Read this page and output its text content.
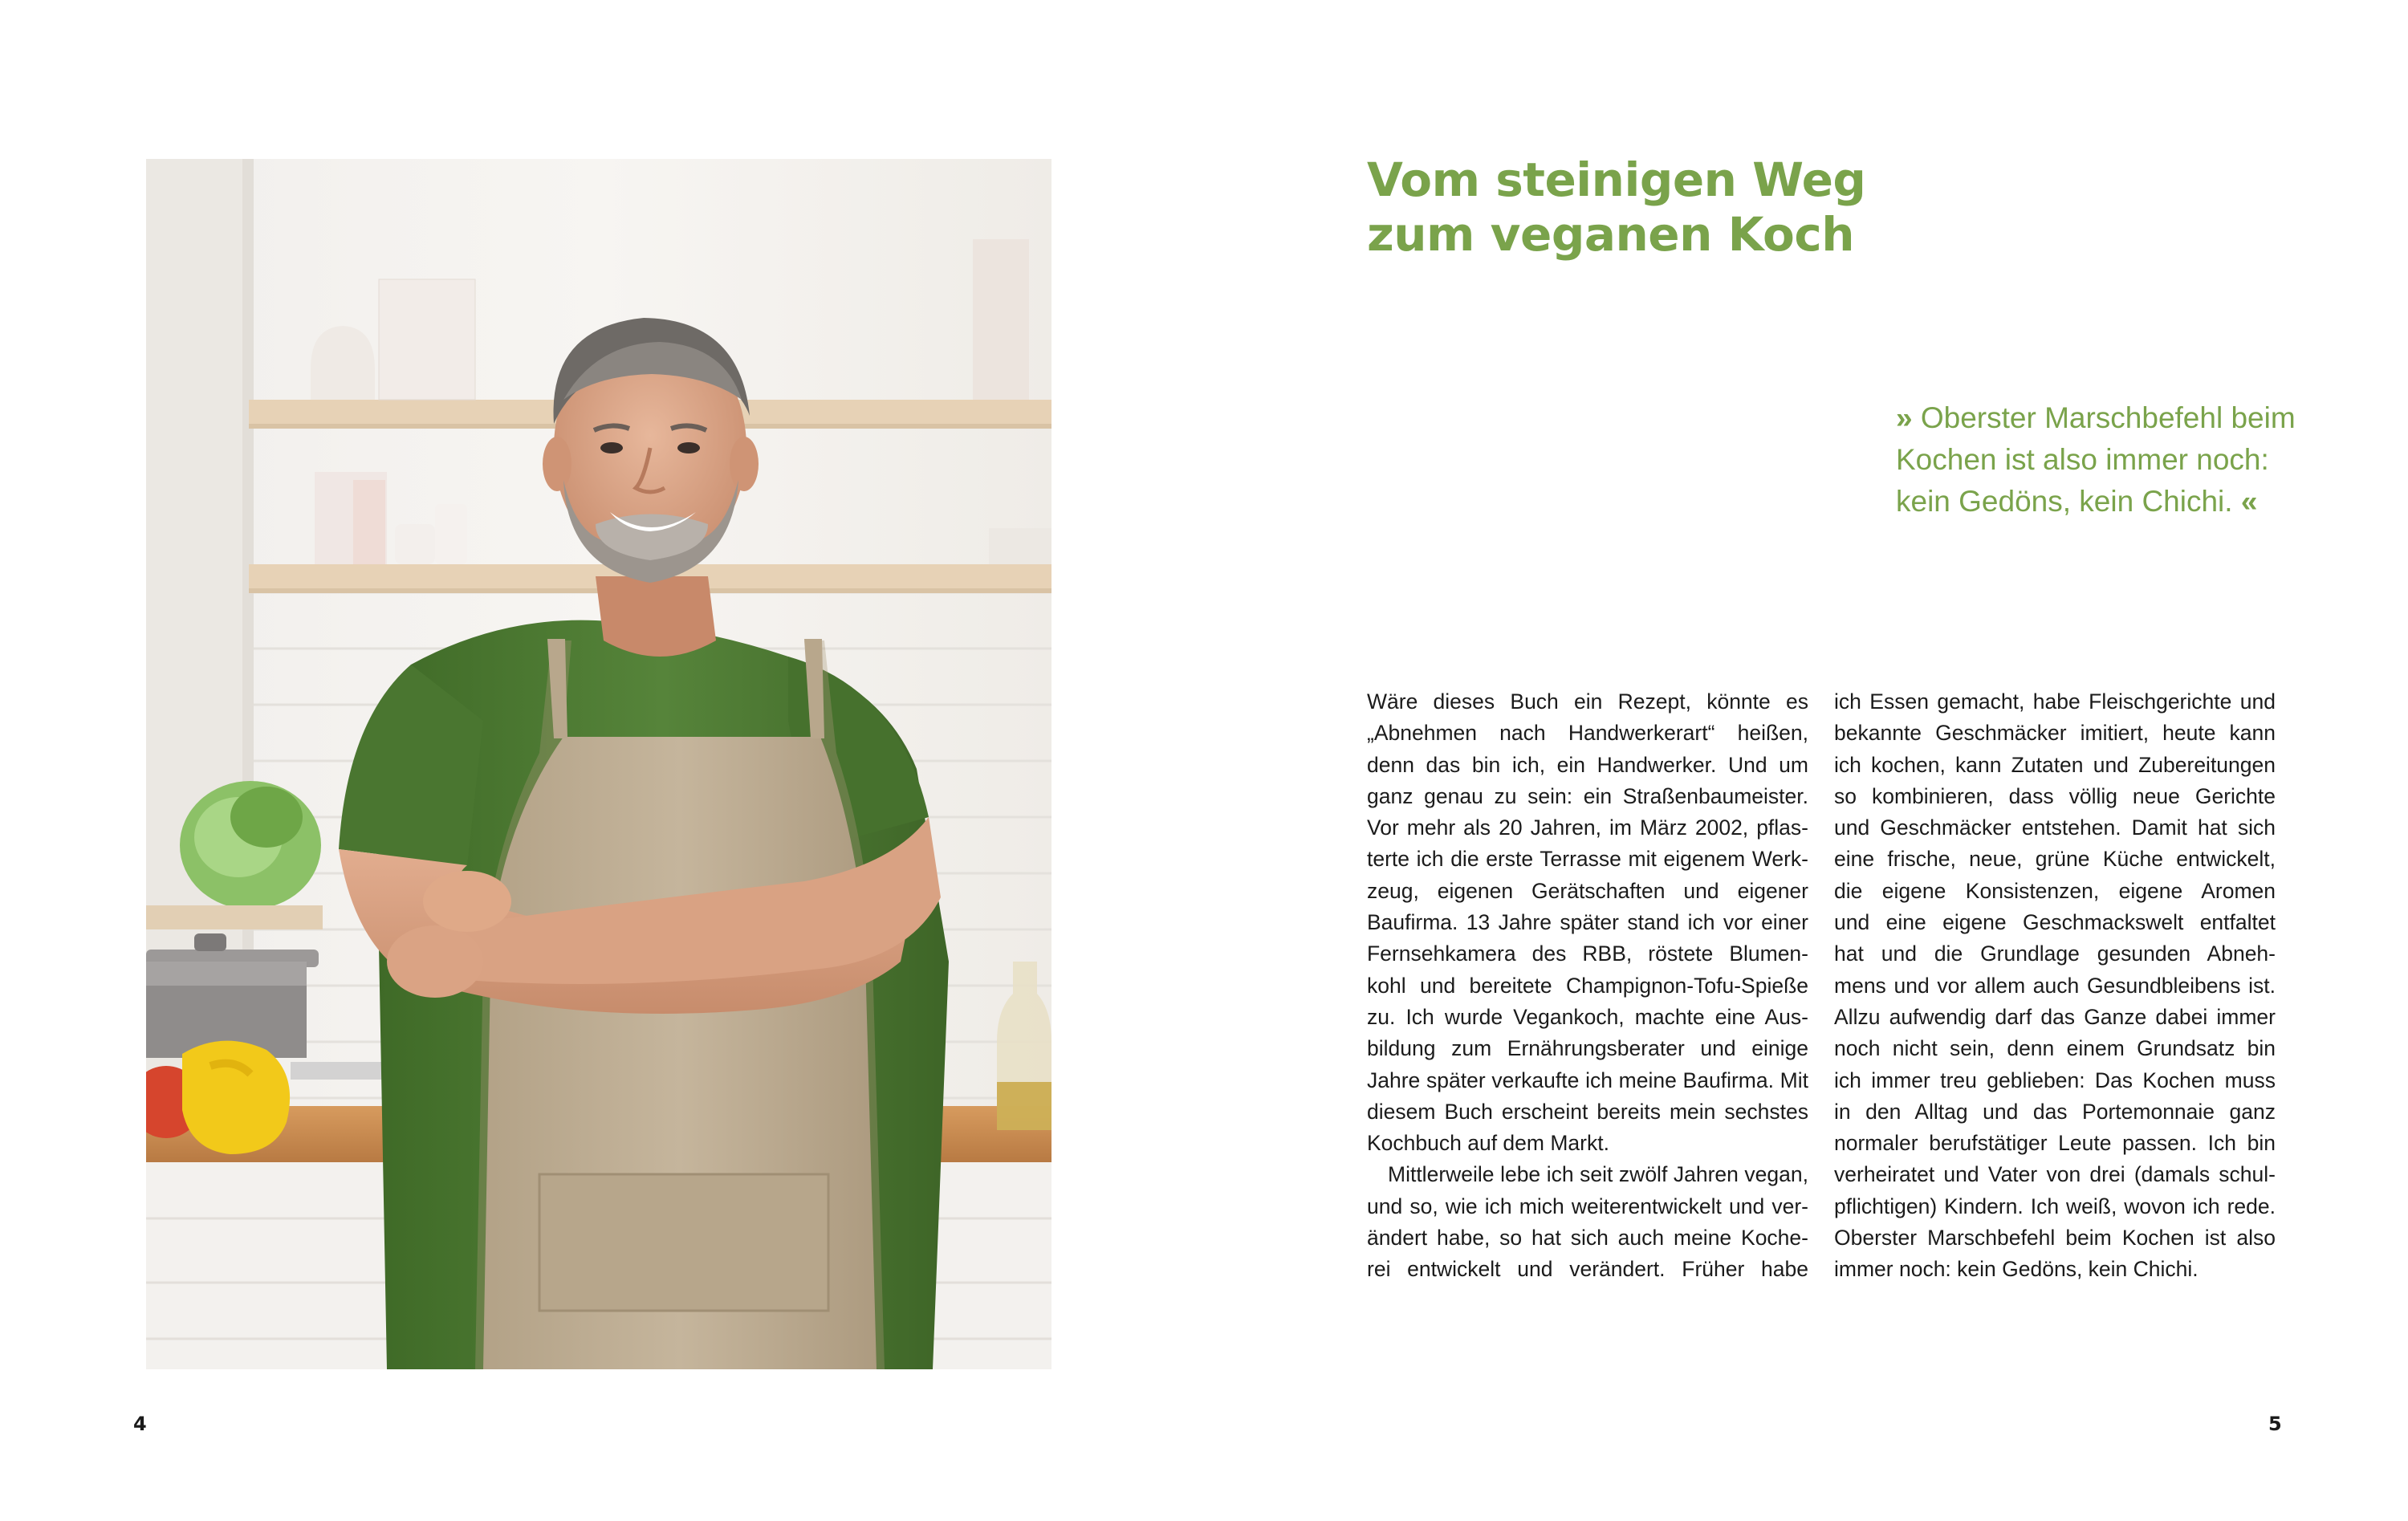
Vom steinigen Weg
zum veganen Koch
» Oberster Marschbefehl beim
Kochen ist also immer noch:
kein Gedöns, kein Chichi. «
Wäre dieses Buch ein Rezept, könnte es
„Abnehmen nach Handwerkerart“ heißen,
denn das bin ich, ein Handwerker. Und um
ganz genau zu sein: ein Straßenbaumeister.
Vor mehr als 20 Jahren, im März 2002, pflas-
terte ich die erste Terrasse mit eigenem Werk-
zeug, eigenen Gerätschaften und eigener
Baufirma. 13 Jahre später stand ich vor einer
Fernsehkamera des RBB, röstete Blumen-
kohl und bereitete Champignon-Tofu-Spieße
zu. Ich wurde Vegankoch, machte eine Aus-
bildung zum Ernährungsberater und einige
Jahre später verkaufte ich meine Baufirma. Mit
diesem Buch erscheint bereits mein sechstes
Kochbuch auf dem Markt.
Mittlerweile lebe ich seit zwölf Jahren vegan,
und so, wie ich mich weiterentwickelt und ver-
ändert habe, so hat sich auch meine Koche-
rei entwickelt und verändert. Früher habe
ich Essen gemacht, habe Fleischgerichte und
bekannte Geschmäcker imitiert, heute kann
ich kochen, kann Zutaten und Zubereitungen
so kombinieren, dass völlig neue Gerichte
und Geschmäcker entstehen. Damit hat sich
eine frische, neue, grüne Küche entwickelt,
die eigene Konsistenzen, eigene Aromen
und eine eigene Geschmackswelt entfaltet
hat und die Grundlage gesunden Abneh-
mens und vor allem auch Gesundbleibens ist.
Allzu aufwendig darf das Ganze dabei immer
noch nicht sein, denn einem Grundsatz bin
ich immer treu geblieben: Das Kochen muss
in den Alltag und das Portemonnaie ganz
normaler berufstätiger Leute passen. Ich bin
verheiratet und Vater von drei (damals schul-
pflichtigen) Kindern. Ich weiß, wovon ich rede.
Oberster Marschbefehl beim Kochen ist also
immer noch: kein Gedöns, kein Chichi.
4	5
